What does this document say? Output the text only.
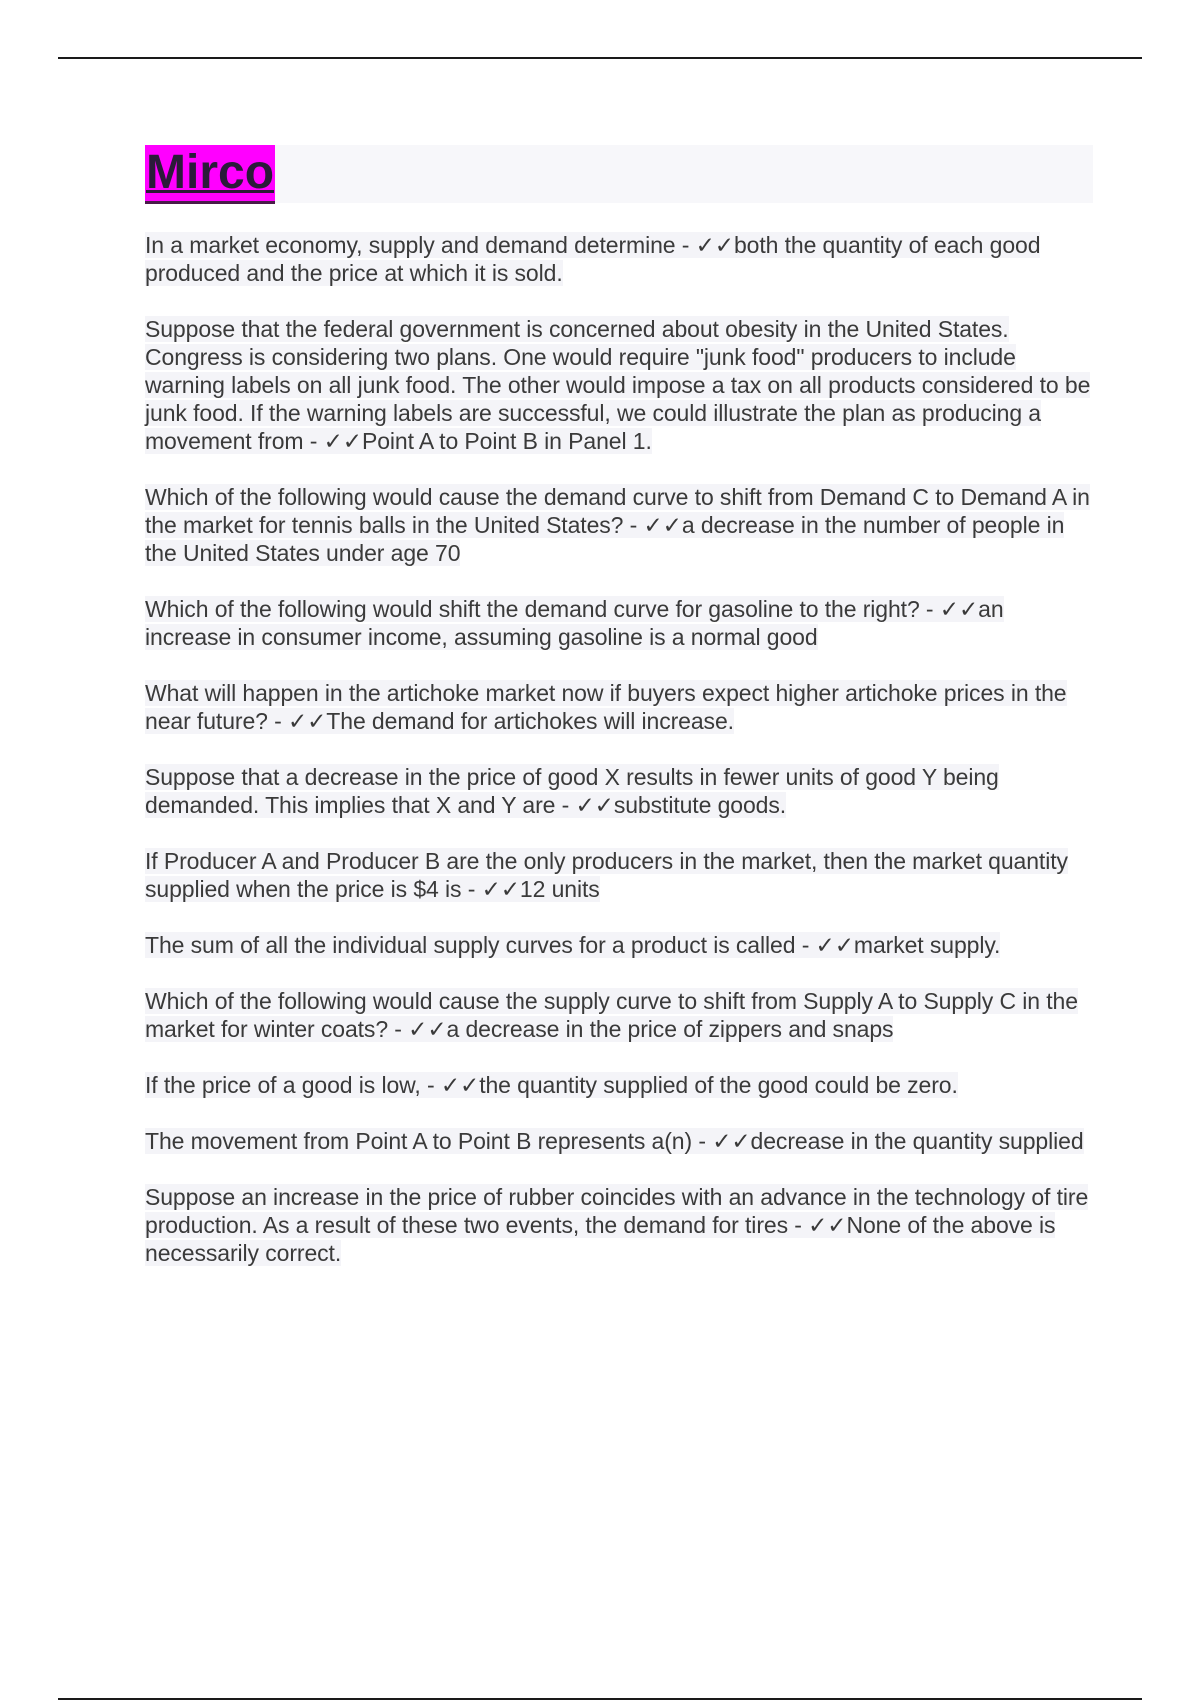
Mirco

In a market economy, supply and demand determine - ✓✓both the quantity of each good produced and the price at which it is sold.

Suppose that the federal government is concerned about obesity in the United States. Congress is considering two plans. One would require "junk food" producers to include warning labels on all junk food. The other would impose a tax on all products considered to be junk food. If the warning labels are successful, we could illustrate the plan as producing a movement from - ✓✓Point A to Point B in Panel 1.

Which of the following would cause the demand curve to shift from Demand C to Demand A in the market for tennis balls in the United States? - ✓✓a decrease in the number of people in the United States under age 70

Which of the following would shift the demand curve for gasoline to the right? - ✓✓an increase in consumer income, assuming gasoline is a normal good

What will happen in the artichoke market now if buyers expect higher artichoke prices in the near future? - ✓✓The demand for artichokes will increase.

Suppose that a decrease in the price of good X results in fewer units of good Y being demanded. This implies that X and Y are - ✓✓substitute goods.

If Producer A and Producer B are the only producers in the market, then the market quantity supplied when the price is $4 is - ✓✓12 units

The sum of all the individual supply curves for a product is called - ✓✓market supply.

Which of the following would cause the supply curve to shift from Supply A to Supply C in the market for winter coats? - ✓✓a decrease in the price of zippers and snaps

If the price of a good is low, - ✓✓the quantity supplied of the good could be zero.

The movement from Point A to Point B represents a(n) - ✓✓decrease in the quantity supplied

Suppose an increase in the price of rubber coincides with an advance in the technology of tire production. As a result of these two events, the demand for tires - ✓✓None of the above is necessarily correct.
